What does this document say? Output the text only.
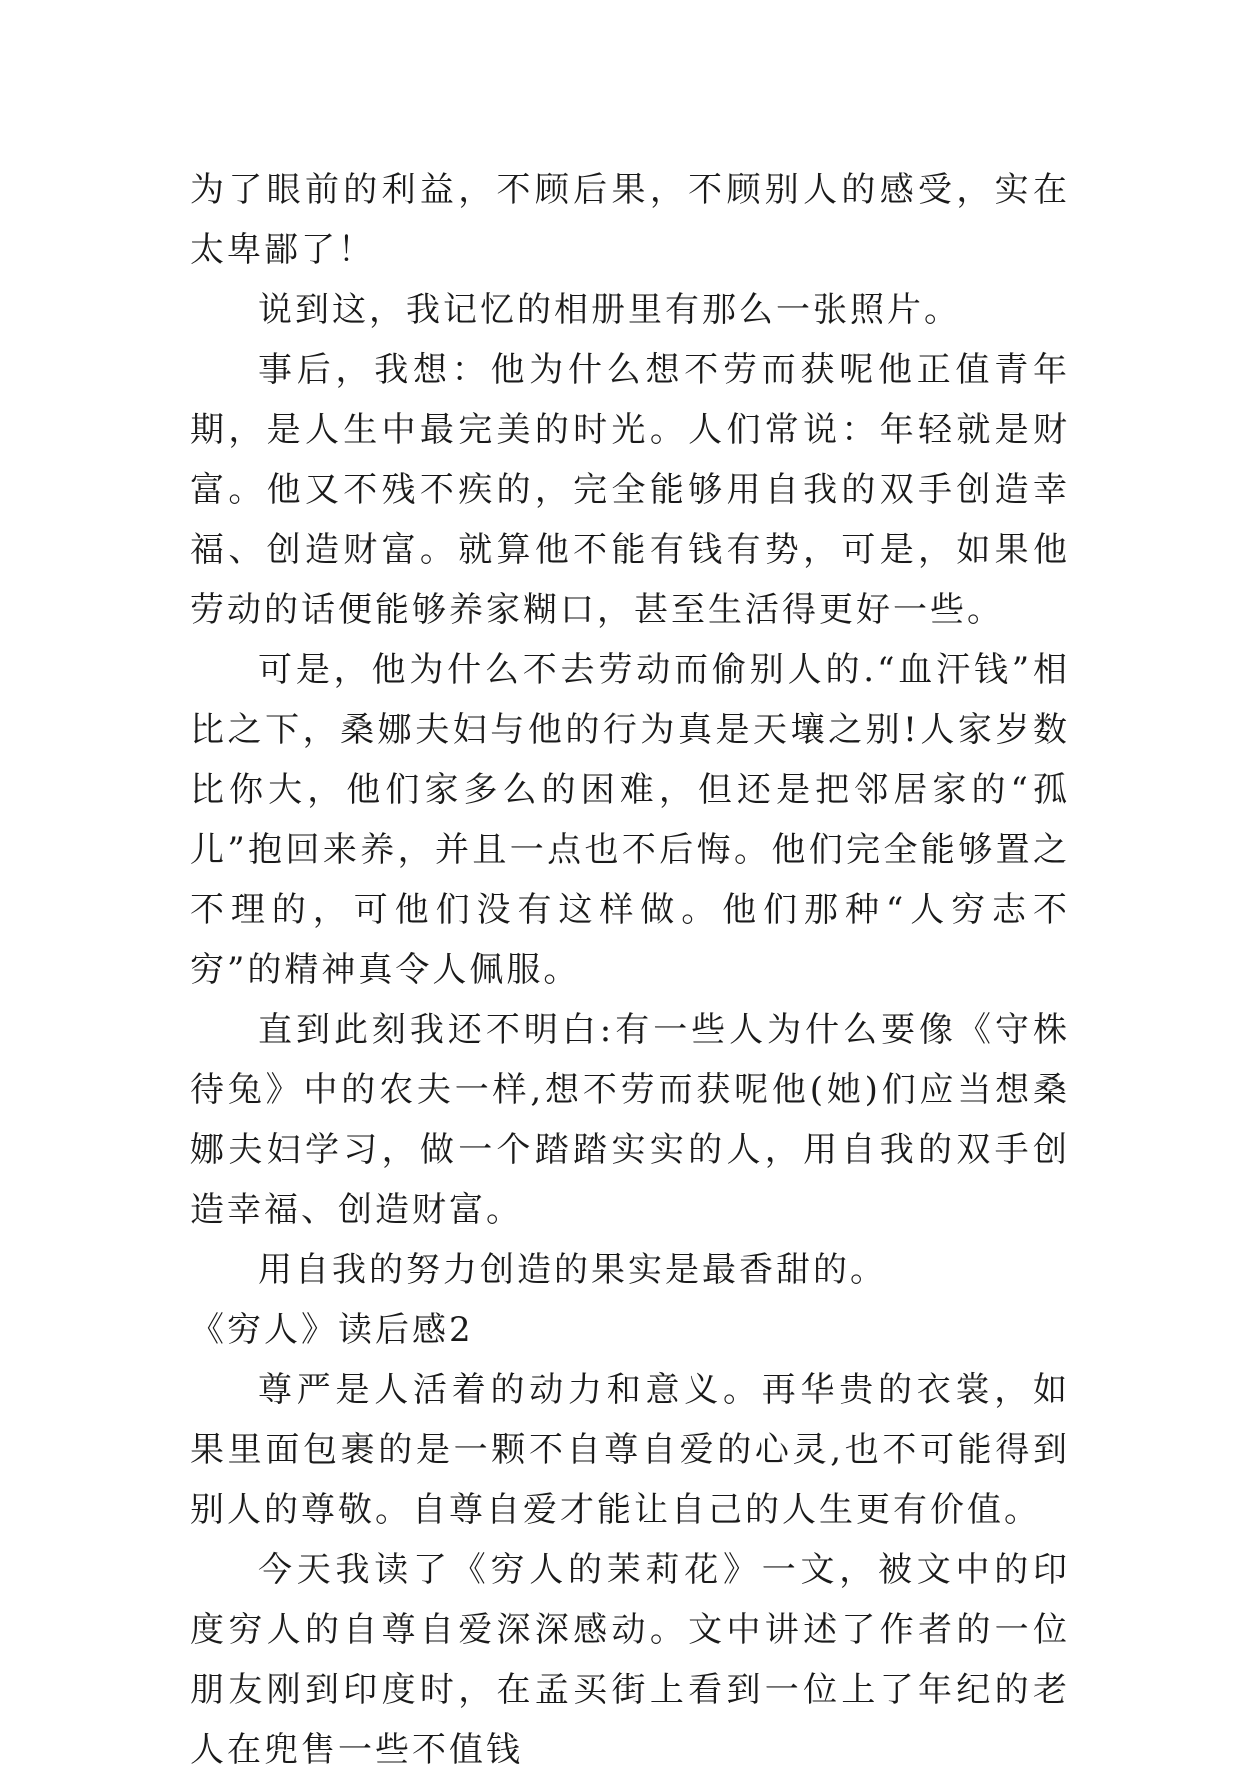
为了眼前的利益，不顾后果，不顾别人的感受，实在太卑鄙了！

说到这，我记忆的相册里有那么一张照片。

事后，我想：他为什么想不劳而获呢他正值青年期，是人生中最完美的时光。人们常说：年轻就是财富。他又不残不疾的，完全能够用自我的双手创造幸福、创造财富。就算他不能有钱有势，可是，如果他劳动的话便能够养家糊口，甚至生活得更好一些。

可是，他为什么不去劳动而偷别人的.“血汗钱”相比之下，桑娜夫妇与他的行为真是天壤之别!人家岁数比你大，他们家多么的困难，但还是把邻居家的“孤儿”抱回来养，并且一点也不后悔。他们完全能够置之不理的，可他们没有这样做。他们那种“人穷志不穷”的精神真令人佩服。

直到此刻我还不明白:有一些人为什么要像《守株待兔》中的农夫一样,想不劳而获呢他(她)们应当想桑娜夫妇学习，做一个踏踏实实的人，用自我的双手创造幸福、创造财富。

用自我的努力创造的果实是最香甜的。

《穷人》读后感2

尊严是人活着的动力和意义。再华贵的衣裳，如果里面包裹的是一颗不自尊自爱的心灵,也不可能得到别人的尊敬。自尊自爱才能让自己的人生更有价值。

今天我读了《穷人的茉莉花》一文，被文中的印度穷人的自尊自爱深深感动。文中讲述了作者的一位朋友刚到印度时，在孟买街上看到一位上了年纪的老人在兜售一些不值钱
